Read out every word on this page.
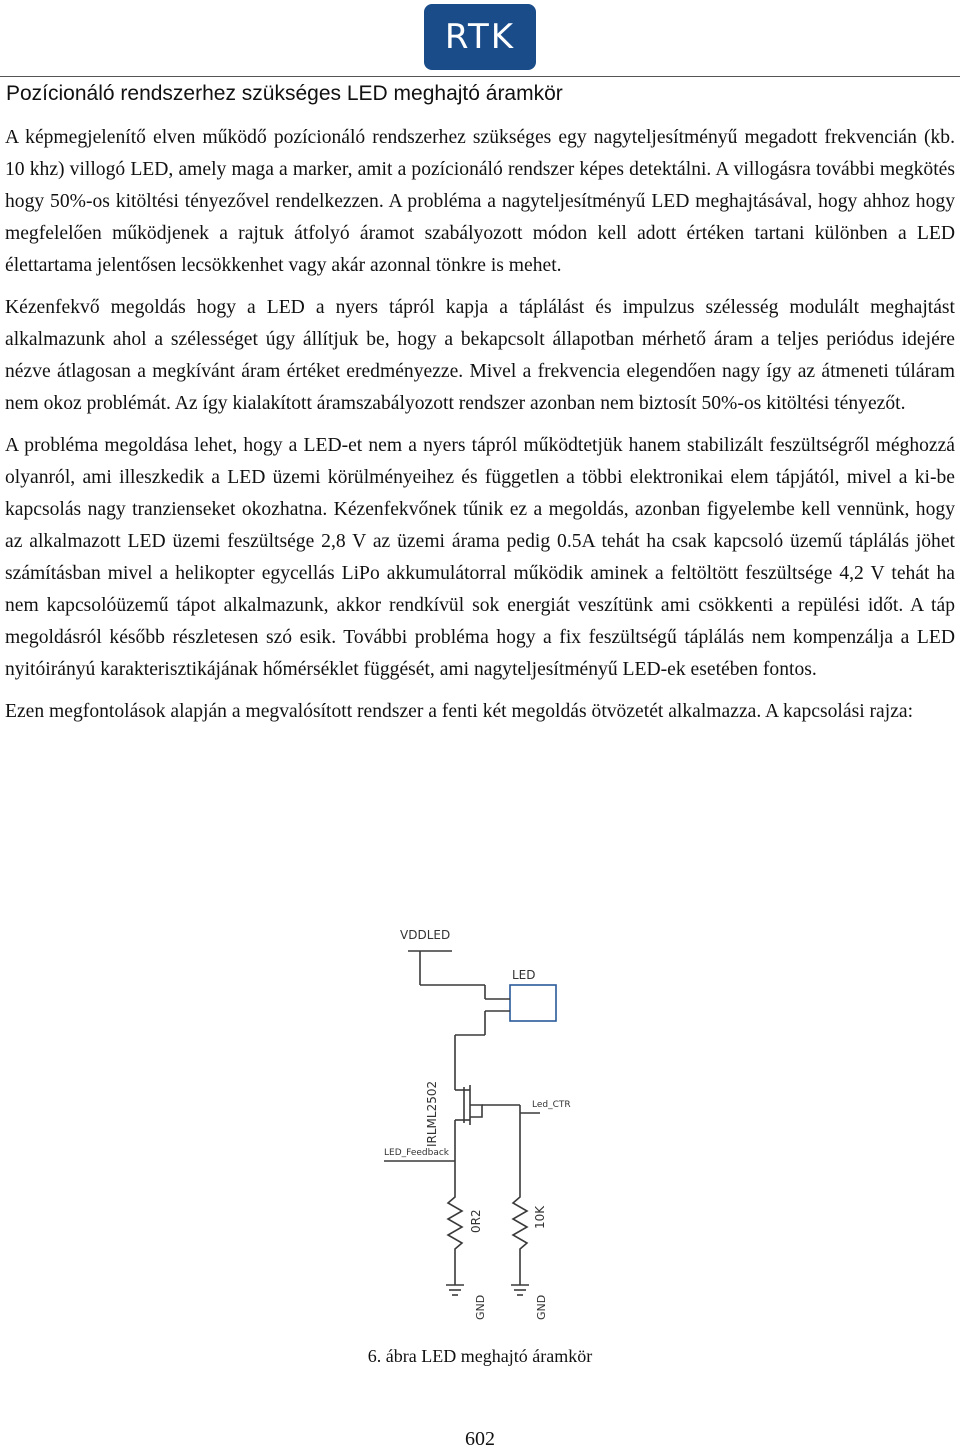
RTK
Pozícionáló rendszerhez szükséges LED meghajtó áramkör

A képmegjelenítő elven működő pozícionáló rendszerhez szükséges egy nagyteljesítményű megadott frekvencián (kb. 10 khz) villogó LED, amely maga a marker, amit a pozícionáló rendszer képes detektálni. A villogásra további megkötés hogy 50%-os kitöltési tényezővel rendelkezzen. A probléma a nagyteljesítményű LED meghajtásával, hogy ahhoz hogy megfelelően működjenek a rajtuk átfolyó áramot szabályozott módon kell adott értéken tartani különben a LED élettartama jelentősen lecsökkenhet vagy akár azonnal tönkre is mehet.

Kézenfekvő megoldás hogy a LED a nyers tápról kapja a táplálást és impulzus szélesség modulált meghajtást alkalmazunk ahol a szélességet úgy állítjuk be, hogy a bekapcsolt állapotban mérhető áram a teljes periódus idejére nézve átlagosan a megkívánt áram értéket eredményezze. Mivel a frekvencia elegendően nagy így az átmeneti túláram nem okoz problémát. Az így kialakított áramszabályozott rendszer azonban nem biztosít 50%-os kitöltési tényezőt.

A probléma megoldása lehet, hogy a LED-et nem a nyers tápról működtetjük hanem stabilizált feszültségről méghozzá olyanról, ami illeszkedik a LED üzemi körülményeihez és független a többi elektronikai elem tápjától, mivel a ki-be kapcsolás nagy tranzienseket okozhatna. Kézenfekvőnek tűnik ez a megoldás, azonban figyelembe kell vennünk, hogy az alkalmazott LED üzemi feszültsége 2,8 V az üzemi árama pedig 0.5A tehát ha csak kapcsoló üzemű táplálás jöhet számításban mivel a helikopter egycellás LiPo akkumulátorral működik aminek a feltöltött feszültsége 4,2 V tehát ha nem kapcsolóüzemű tápot alkalmazunk, akkor rendkívül sok energiát veszítünk ami csökkenti a repülési időt. A táp megoldásról később részletesen szó esik. További probléma hogy a fix feszültségű táplálás nem kompenzálja a LED nyitóirányú karakterisztikájának hőmérséklet függését, ami nagyteljesítményű LED-ek esetében fontos.

Ezen megfontolások alapján a megvalósított rendszer a fenti két megoldás ötvözetét alkalmazza. A kapcsolási rajza:

VDDLED
LED
IRLML2502	Led_CTR
LED_Feedback
0R2	10K
GND	GND
6. ábra LED meghajtó áramkör
602
